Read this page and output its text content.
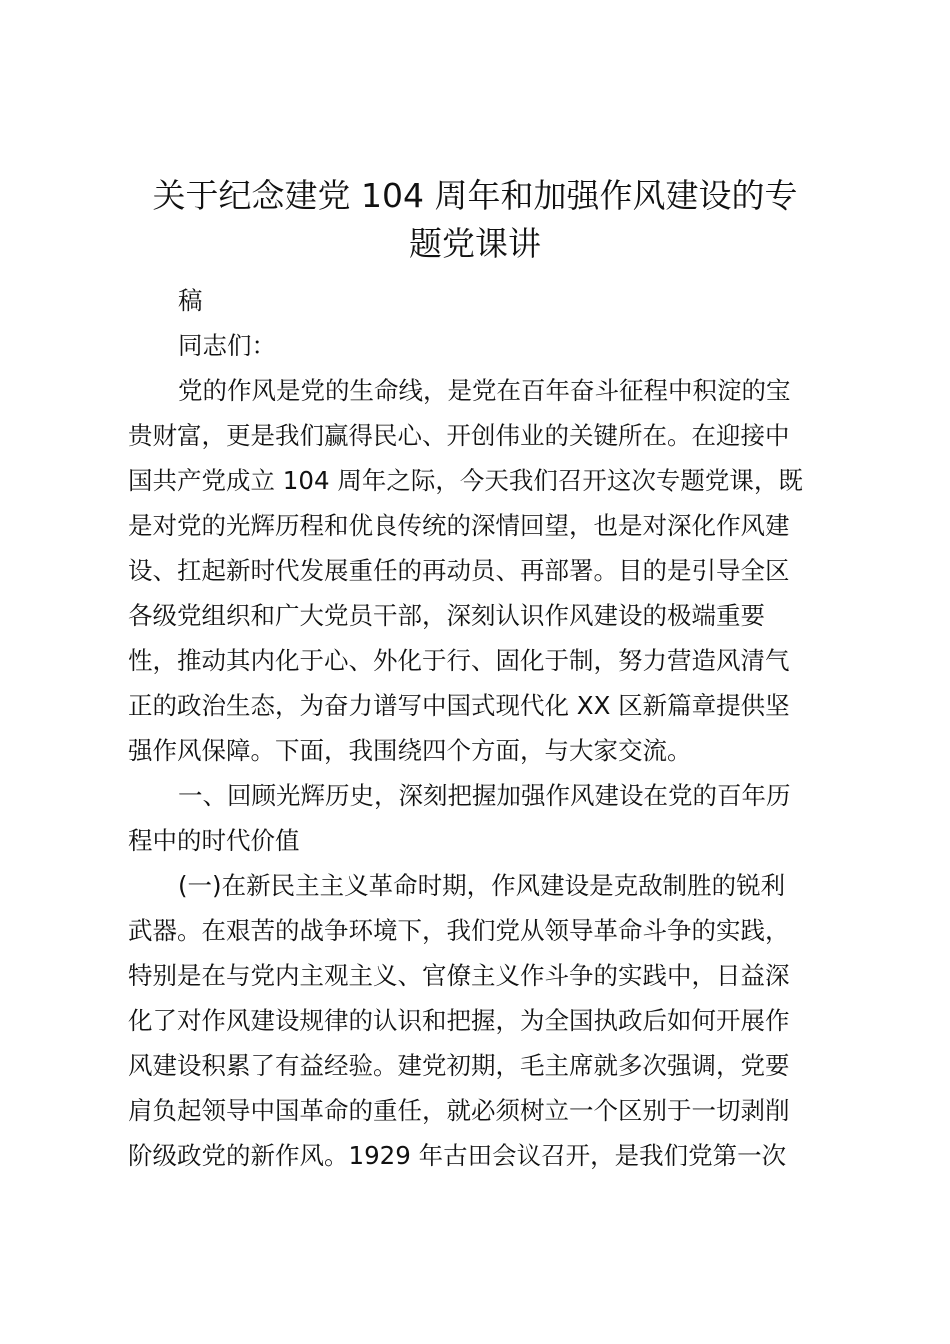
关于纪念建党 104 周年和加强作风建设的专
题党课讲
稿
同志们：
党的作风是党的生命线，是党在百年奋斗征程中积淀的宝
贵财富，更是我们赢得民心、开创伟业的关键所在。在迎接中
国共产党成立 104 周年之际，今天我们召开这次专题党课，既
是对党的光辉历程和优良传统的深情回望，也是对深化作风建
设、扛起新时代发展重任的再动员、再部署。目的是引导全区
各级党组织和广大党员干部，深刻认识作风建设的极端重要
性，推动其内化于心、外化于行、固化于制，努力营造风清气
正的政治生态，为奋力谱写中国式现代化 XX 区新篇章提供坚
强作风保障。下面，我围绕四个方面，与大家交流。
一、回顾光辉历史，深刻把握加强作风建设在党的百年历
程中的时代价值
(一)在新民主主义革命时期，作风建设是克敌制胜的锐利
武器。在艰苦的战争环境下，我们党从领导革命斗争的实践，
特别是在与党内主观主义、官僚主义作斗争的实践中，日益深
化了对作风建设规律的认识和把握，为全国执政后如何开展作
风建设积累了有益经验。建党初期，毛主席就多次强调，党要
肩负起领导中国革命的重任，就必须树立一个区别于一切剥削
阶级政党的新作风。1929 年古田会议召开，是我们党第一次
